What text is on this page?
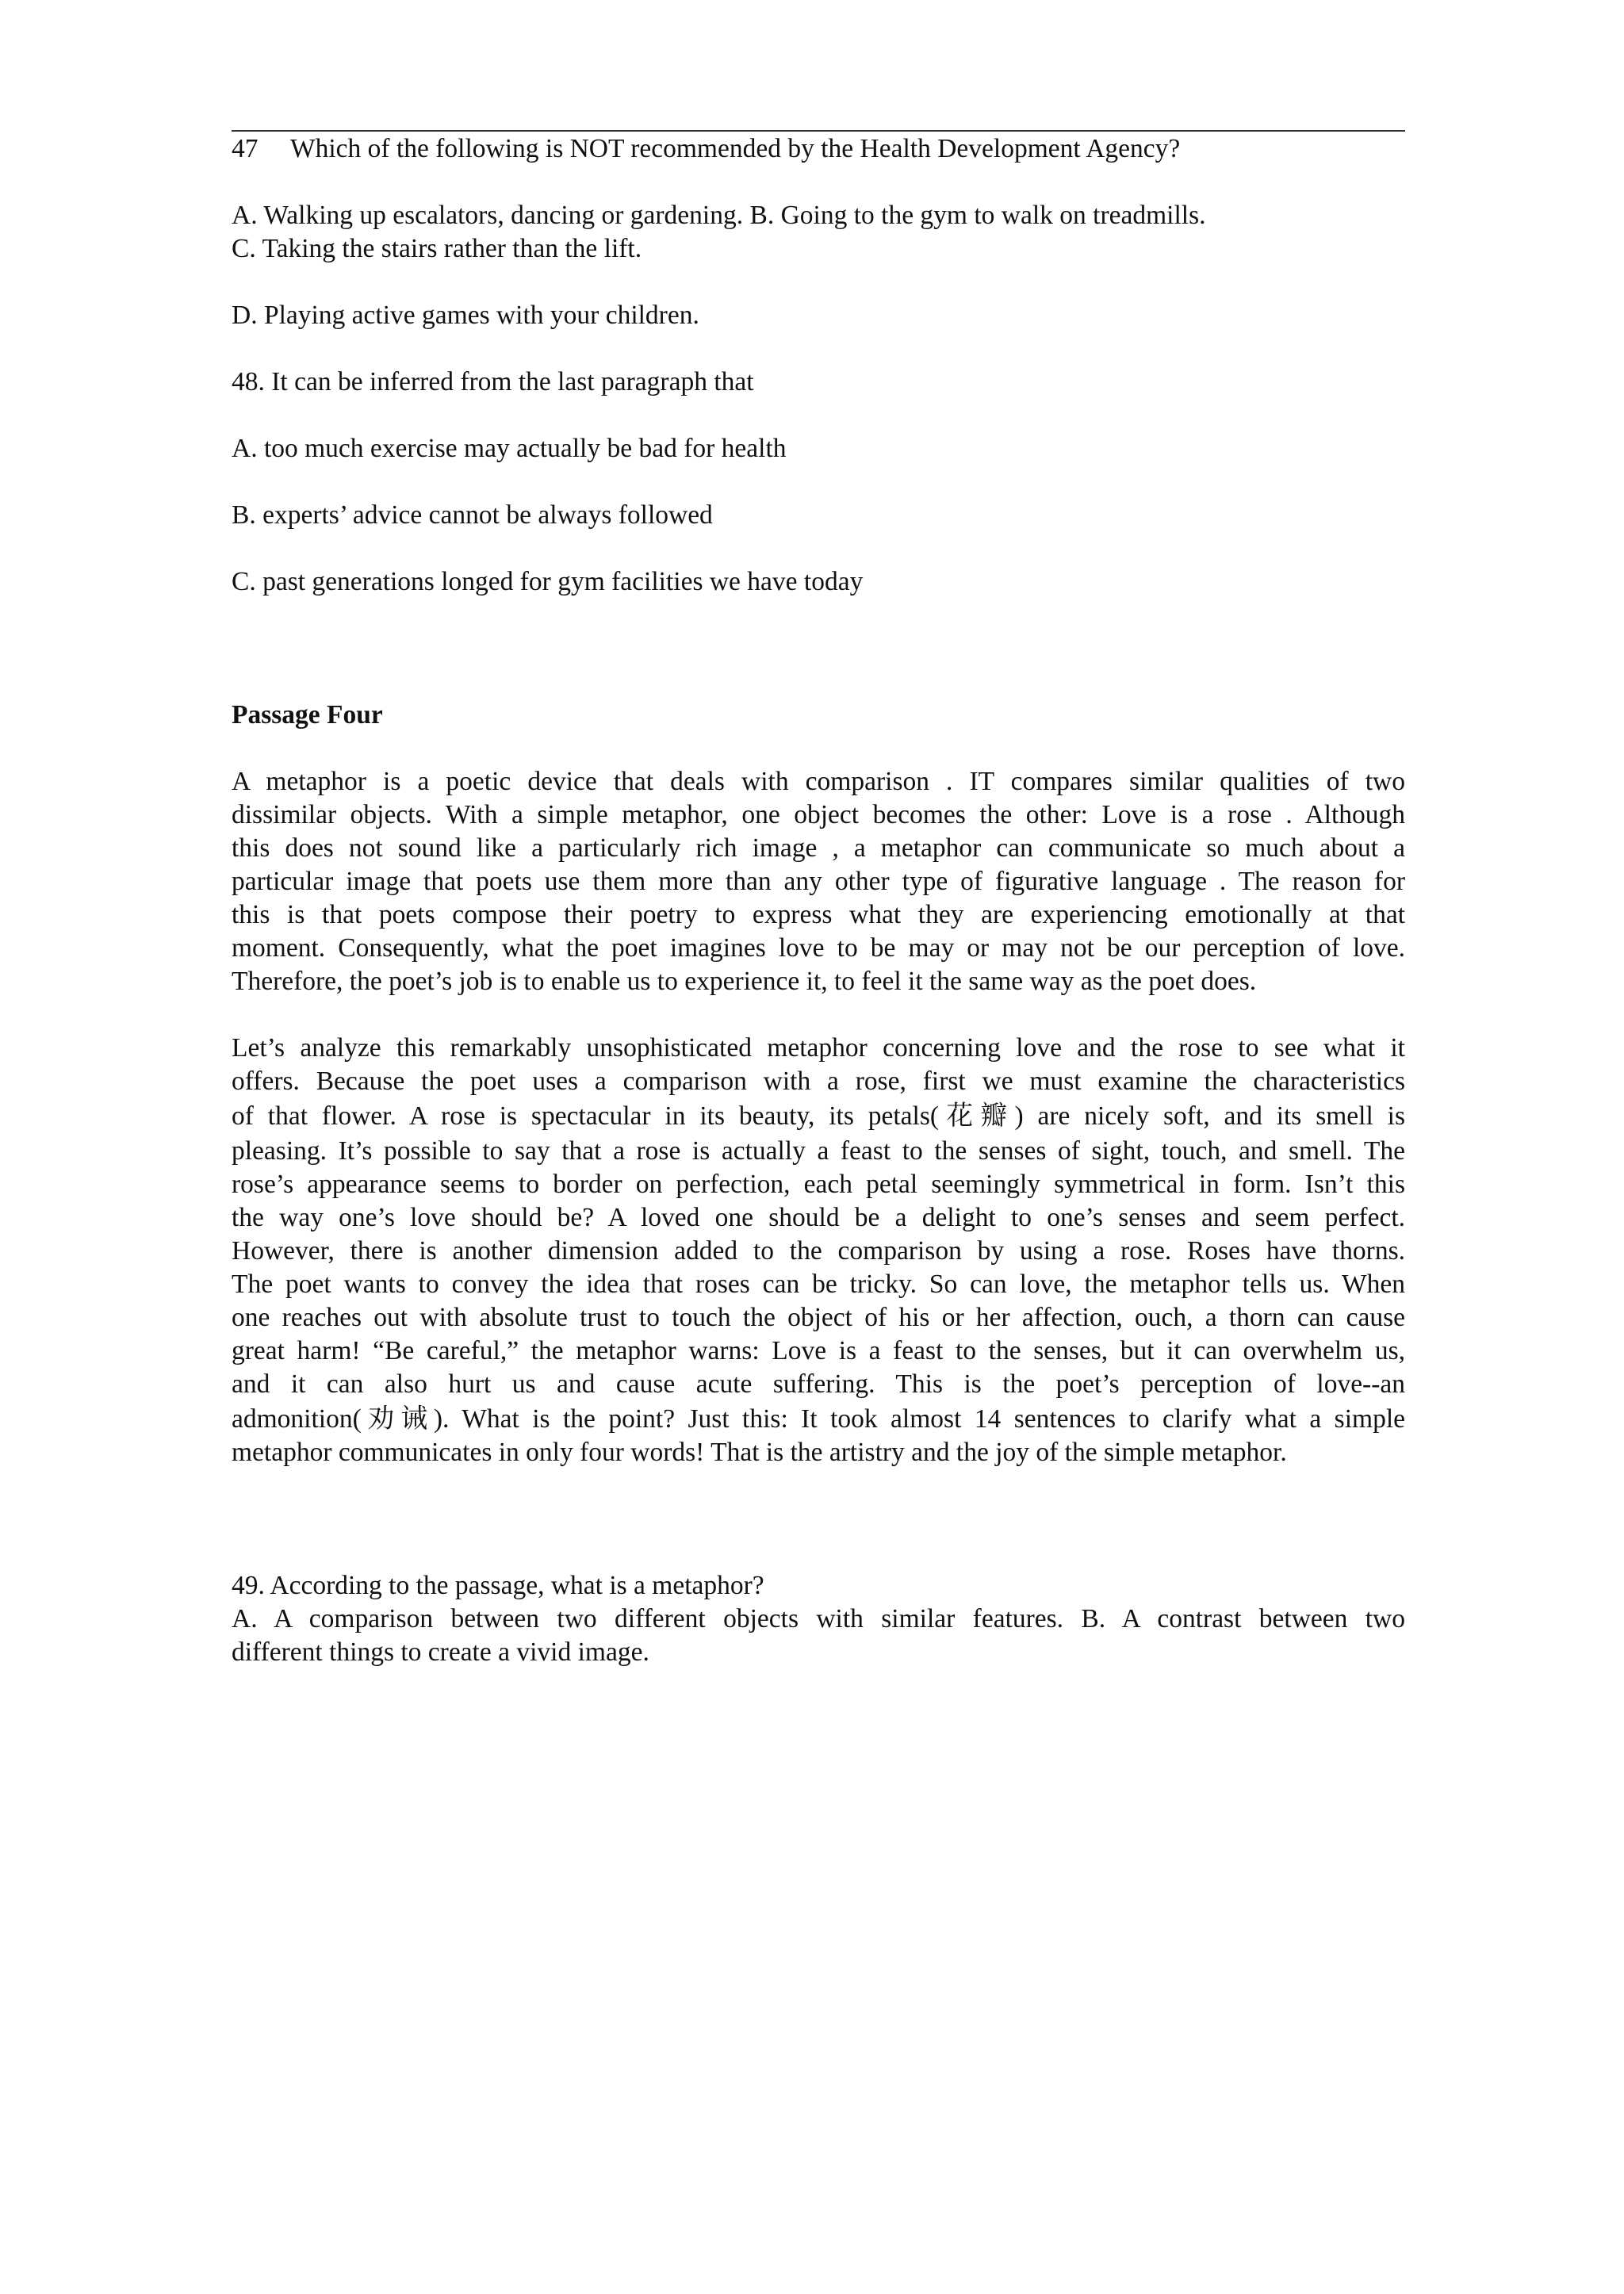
47 Which of the following is NOT recommended by the Health Development Agency?
A. Walking up escalators, dancing or gardening. B. Going to the gym to walk on treadmills.
C. Taking the stairs rather than the lift.
D. Playing active games with your children.
48. It can be inferred from the last paragraph that
A. too much exercise may actually be bad for health
B. experts’ advice cannot be always followed
C. past generations longed for gym facilities we have today
Passage Four
A metaphor is a poetic device that deals with comparison . IT compares similar qualities of two
dissimilar objects. With a simple metaphor, one object becomes the other: Love is a rose . Although
this does not sound like a particularly rich image , a metaphor can communicate so much about a
particular image that poets use them more than any other type of figurative language . The reason for
this is that poets compose their poetry to express what they are experiencing emotionally at that
moment. Consequently, what the poet imagines love to be may or may not be our perception of love.
Therefore, the poet’s job is to enable us to experience it, to feel it the same way as the poet does.
Let’s analyze this remarkably unsophisticated metaphor concerning love and the rose to see what it
offers. Because the poet uses a comparison with a rose, first we must examine the characteristics
of that flower. A rose is spectacular in its beauty, its petals(花瓣) are nicely soft, and its smell is
pleasing. It’s possible to say that a rose is actually a feast to the senses of sight, touch, and smell. The
rose’s appearance seems to border on perfection, each petal seemingly symmetrical in form. Isn’t this
the way one’s love should be? A loved one should be a delight to one’s senses and seem perfect.
However, there is another dimension added to the comparison by using a rose. Roses have thorns.
The poet wants to convey the idea that roses can be tricky. So can love, the metaphor tells us. When
one reaches out with absolute trust to touch the object of his or her affection, ouch, a thorn can cause
great harm! “Be careful,” the metaphor warns: Love is a feast to the senses, but it can overwhelm us,
and it can also hurt us and cause acute suffering. This is the poet’s perception of love--an
admonition(劝诫). What is the point? Just this: It took almost 14 sentences to clarify what a simple
metaphor communicates in only four words! That is the artistry and the joy of the simple metaphor.
49. According to the passage, what is a metaphor?
A. A comparison between two different objects with similar features. B. A contrast between two
different things to create a vivid image.
